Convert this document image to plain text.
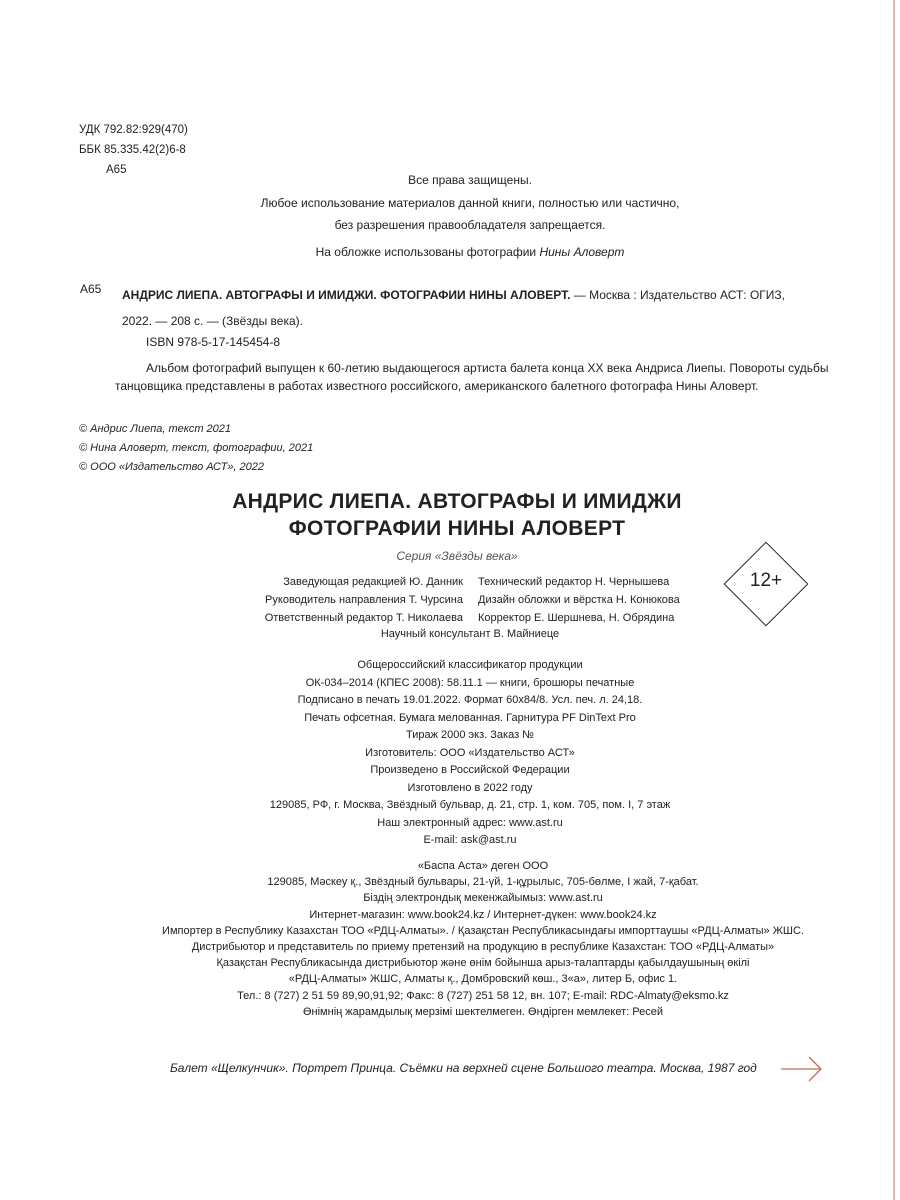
УДК 792.82:929(470)
ББК 85.335.42(2)6-8
А65
Все права защищены.
Любое использование материалов данной книги, полностью или частично,
без разрешения правообладателя запрещается.
На обложке использованы фотографии Нины Аловерт
А65 АНДРИС ЛИЕПА. АВТОГРАФЫ И ИМИДЖИ. ФОТОГРАФИИ НИНЫ АЛОВЕРТ. — Москва : Издательство АСТ: ОГИЗ,
2022. — 208 с. — (Звёзды века).
ISBN 978-5-17-145454-8
Альбом фотографий выпущен к 60-летию выдающегося артиста балета конца XX века Андриса Лиепы. Повороты судьбы танцовщика представлены в работах известного российского, американского балетного фотографа Нины Аловерт.
© Андрис Лиепа, текст 2021
© Нина Аловерт, текст, фотографии, 2021
© ООО «Издательство АСТ», 2022
АНДРИС ЛИЕПА. АВТОГРАФЫ И ИМИДЖИ
ФОТОГРАФИИ НИНЫ АЛОВЕРТ
Серия «Звёзды века»
12+
Заведующая редакцией Ю. Данник
Руководитель направления Т. Чурсина
Ответственный редактор Т. Николаева
Технический редактор Н. Чернышева
Дизайн обложки и вёрстка Н. Конюкова
Корректор Е. Шершнева, Н. Обрядина
Научный консультант В. Майниеце
Общероссийский классификатор продукции
ОК-034–2014 (КПЕС 2008): 58.11.1 — книги, брошюры печатные
Подписано в печать 19.01.2022. Формат 60х84/8. Усл. печ. л. 24,18.
Печать офсетная. Бумага мелованная. Гарнитура PF DinText Pro
Тираж 2000 экз. Заказ №
Изготовитель: ООО «Издательство АСТ»
Произведено в Российской Федерации
Изготовлено в 2022 году
129085, РФ, г. Москва, Звёздный бульвар, д. 21, стр. 1, ком. 705, пом. I, 7 этаж
Наш электронный адрес: www.ast.ru
E-mail: ask@ast.ru
«Баспа Аста» деген ООО
129085, Мәскеу қ., Звёздный бульвары, 21-үй, 1-құрылыс, 705-бөлме, I жай, 7-қабат.
Біздің электрондық мекенжайымыз: www.ast.ru
Интернет-магазин: www.book24.kz / Интернет-дүкен: www.book24.kz
Импортер в Республику Казахстан ТОО «РДЦ-Алматы». / Қазақстан Республикасындағы импорттаушы «РДЦ-Алматы» ЖШС.
Дистрибьютор и представитель по приему претензий на продукцию в республике Казахстан: ТОО «РДЦ-Алматы»
Қазақстан Республикасында дистрибьютор және өнім бойынша арыз-талаптарды қабылдаушының өкілі
«РДЦ-Алматы» ЖШС, Алматы қ., Домбровский көш., 3«а», литер Б, офис 1.
Тел.: 8 (727) 2 51 59 89,90,91,92; Факс: 8 (727) 251 58 12, вн. 107; E-mail: RDC-Almaty@eksmo.kz
Өнімнің жарамдылық мерзімі шектелмеген. Өндірген мемлекет: Ресей
Балет «Щелкунчик». Портрет Принца. Съёмки на верхней сцене Большого театра. Москва, 1987 год
